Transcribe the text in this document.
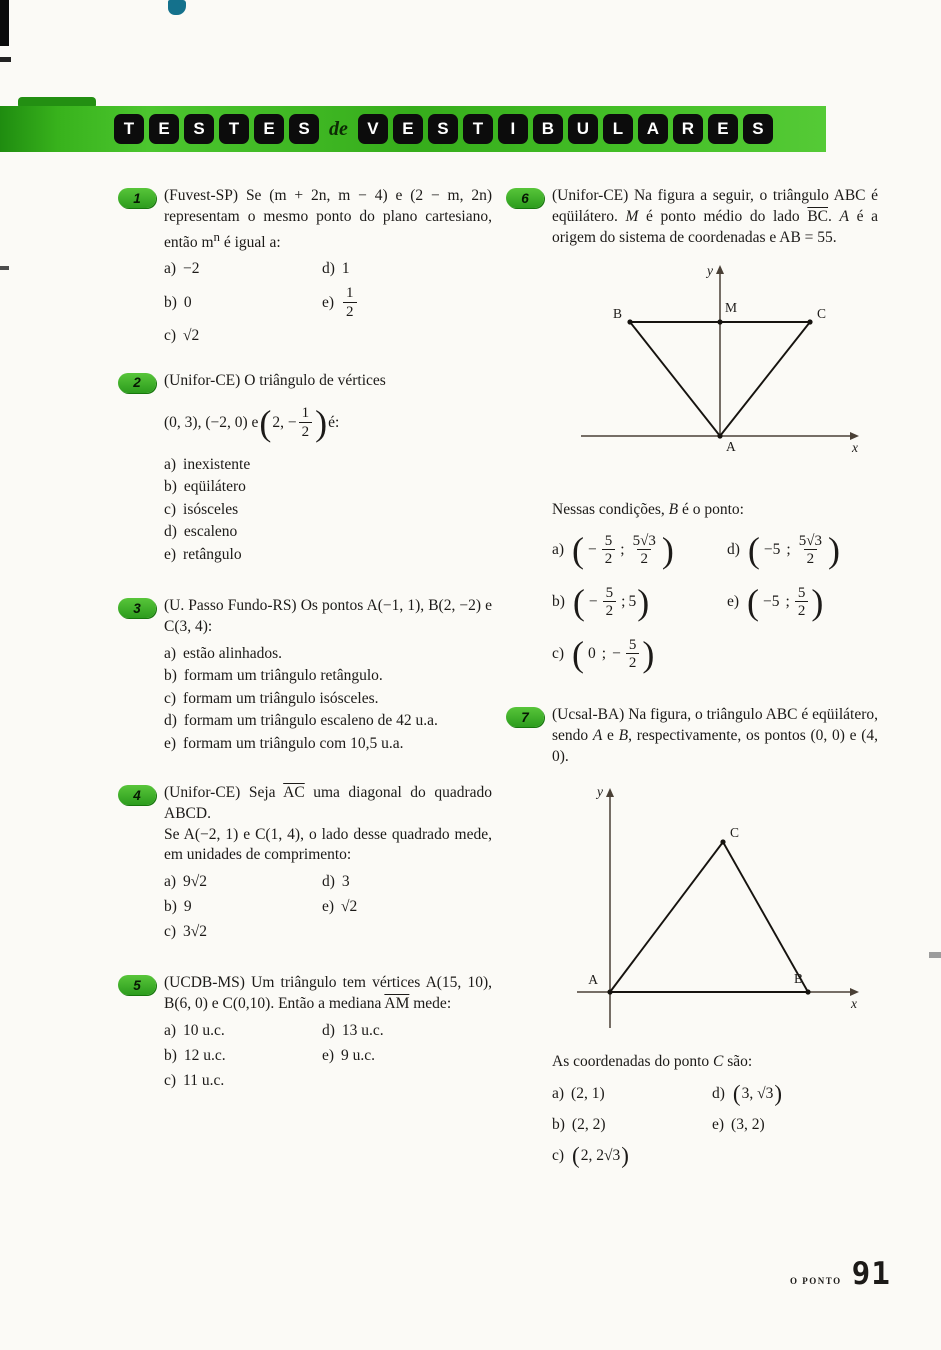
T	E	S	T	E	S de	V	E	S	T	I	B	U	L	A	R	E	S
1 (Fuvest-SP) Se (m + 2n, m − 4) e (2 − m, 2n) representam o mesmo ponto do plano cartesiano, então $m^n$ é igual a:

a) −2	d) 1
b) 0	$e) \frac{1}{2}$
c) √2
2 (Unifor-CE) O triângulo de vértices

(0, 3), (−2, 0) e ( 2, − $\frac{1}{2}$ ) é:
a) inexistente
b) eqüilátero
c) isósceles
d) escaleno
e) retângulo
3 (U. Passo Fundo-RS) Os pontos A(−1, 1), B(2, −2) e C(3, 4):

a) estão alinhados.
b) formam um triângulo retângulo.
c) formam um triângulo isósceles.
d) formam um triângulo escaleno de 42 u.a.
e) formam um triângulo com 10,5 u.a.
4 (Unifor-CE) Seja $\overline{AC}$ uma diagonal do quadrado ABCD.
Se A(−2, 1) e C(1, 4), o lado desse quadrado mede, em unidades de comprimento:

a) 9√2	d) 3
b) 9	e) √2
c) 3√2
5 (UCDB-MS) Um triângulo tem vértices A(15, 10), B(6, 0) e C(0,10). Então a mediana $\overline{AM}$ mede:

a) 10 u.c.	d) 13 u.c.
b) 12 u.c.	e) 9 u.c.
c) 11 u.c.
6 (Unifor-CE) Na figura a seguir, o triângulo ABC é eqüilátero. M é ponto médio do lado $\overline{BC}$. A é a origem do sistema de coordenadas e AB = 55.

y
x
B	M	C
A
Nessas condições, B é o ponto:
a) ( − $\frac{5}{2}$ ; $\frac{5√3}{2}$ )	d) ( −5 ; $\frac{5√3}{2}$ )
b) ( − $\frac{5}{2}$ ; 5 )	e) ( −5 ; $\frac{5}{2}$ )
c) ( 0 ; − $\frac{5}{2}$ )
7 (Ucsal-BA) Na figura, o triângulo ABC é eqüilátero, sendo A e B, respectivamente, os pontos (0, 0) e (4, 0).

y
x
A	B
C
As coordenadas do ponto C são:
a) (2, 1)	d) ( 3, √3 )
b) (2, 2)	e) (3, 2)
c) ( 2, 2√3 )
O PONTO 91
